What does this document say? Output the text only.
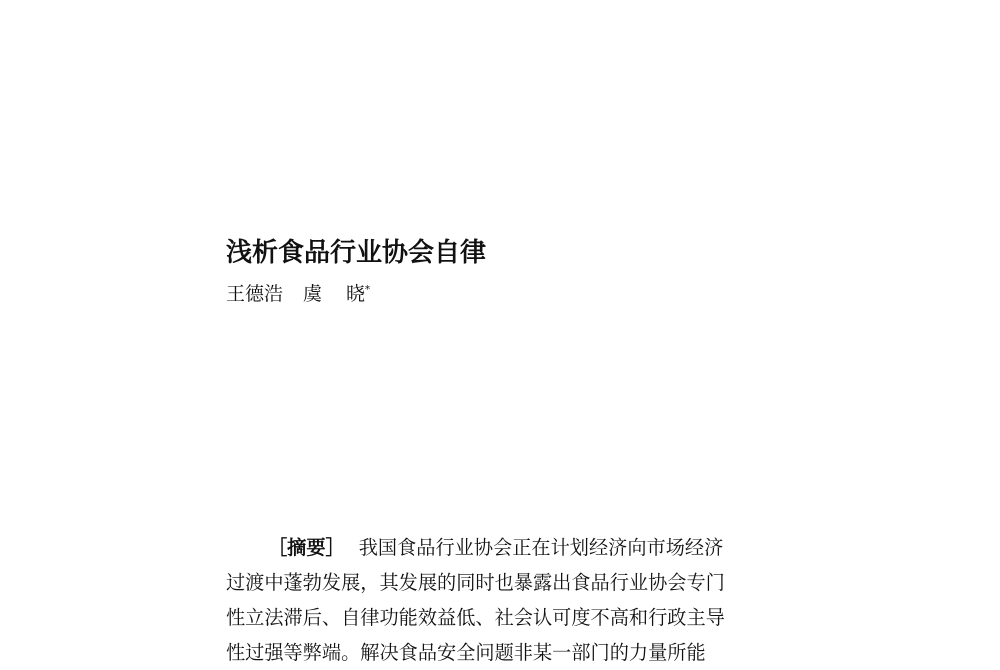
浅析食品行业协会自律
王德浩 虞 晓*
［摘要］ 我国食品行业协会正在计划经济向市场经济
过渡中蓬勃发展，其发展的同时也暴露出食品行业协会专门
性立法滞后、自律功能效益低、社会认可度不高和行政主导
性过强等弊端。解决食品安全问题非某一部门的力量所能
